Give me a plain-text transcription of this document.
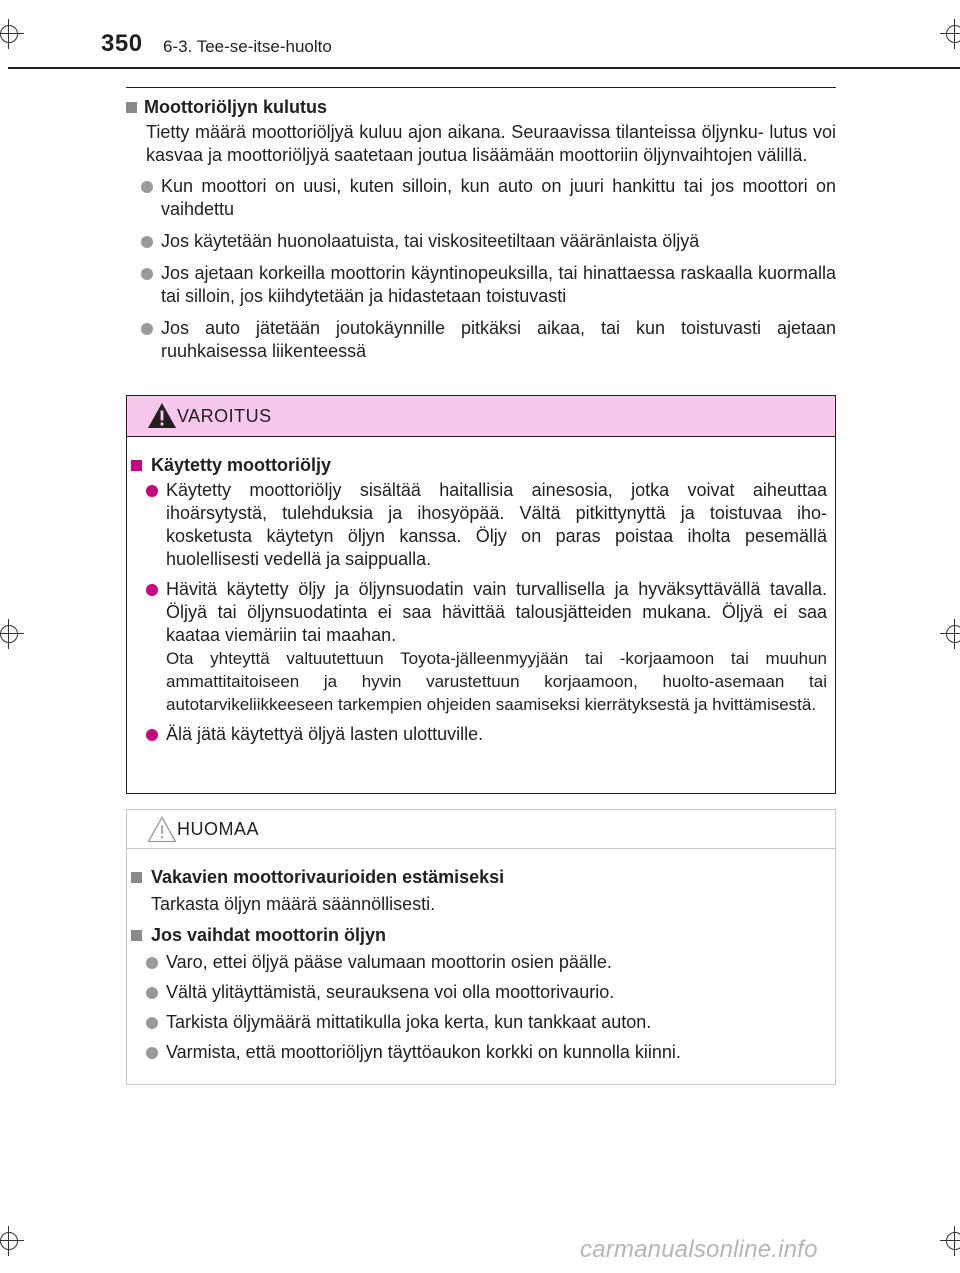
350 6-3. Tee-se-itse-huolto
Moottoriöljyn kulutus
Tietty määrä moottoriöljyä kuluu ajon aikana. Seuraavissa tilanteissa öljynku- lutus voi kasvaa ja moottoriöljyä saatetaan joutua lisäämään moottoriin öljynvaihtojen välillä.
Kun moottori on uusi, kuten silloin, kun auto on juuri hankittu tai jos moottori on vaihdettu
Jos käytetään huonolaatuista, tai viskositeetiltaan vääränlaista öljyä
Jos ajetaan korkeilla moottorin käyntinopeuksilla, tai hinattaessa raskaalla kuormalla tai silloin, jos kiihdytetään ja hidastetaan toistuvasti
Jos auto jätetään joutokäynnille pitkäksi aikaa, tai kun toistuvasti ajetaan ruuhkaisessa liikenteessä
VAROITUS
Käytetty moottoriöljy
Käytetty moottoriöljy sisältää haitallisia ainesosia, jotka voivat aiheuttaa ihoärsytystä, tulehduksia ja ihosyöpää. Vältä pitkittynyttä ja toistuvaa iho- kosketusta käytetyn öljyn kanssa. Öljy on paras poistaa iholta pesemällä huolellisesti vedellä ja saippualla.
Hävitä käytetty öljy ja öljynsuodatin vain turvallisella ja hyväksyttävällä tavalla. Öljyä tai öljynsuodatinta ei saa hävittää talousjätteiden mukana. Öljyä ei saa kaataa viemäriin tai maahan.
Ota yhteyttä valtuutettuun Toyota-jälleenmyyjään tai -korjaamoon tai muuhun ammattitaitoiseen ja hyvin varustettuun korjaamoon, huolto-asemaan tai autotarvikeliikkeeseen tarkempien ohjeiden saamiseksi kierrätyksestä ja hvittämisestä.
Älä jätä käytettyä öljyä lasten ulottuville.
HUOMAA
Vakavien moottorivaurioiden estämiseksi
Tarkasta öljyn määrä säännöllisesti.
Jos vaihdat moottorin öljyn
Varo, ettei öljyä pääse valumaan moottorin osien päälle.
Vältä ylitäyttämistä, seurauksena voi olla moottorivaurio.
Tarkista öljymäärä mittatikulla joka kerta, kun tankkaat auton.
Varmista, että moottoriöljyn täyttöaukon korkki on kunnolla kiinni.
carmanualsonline.info
